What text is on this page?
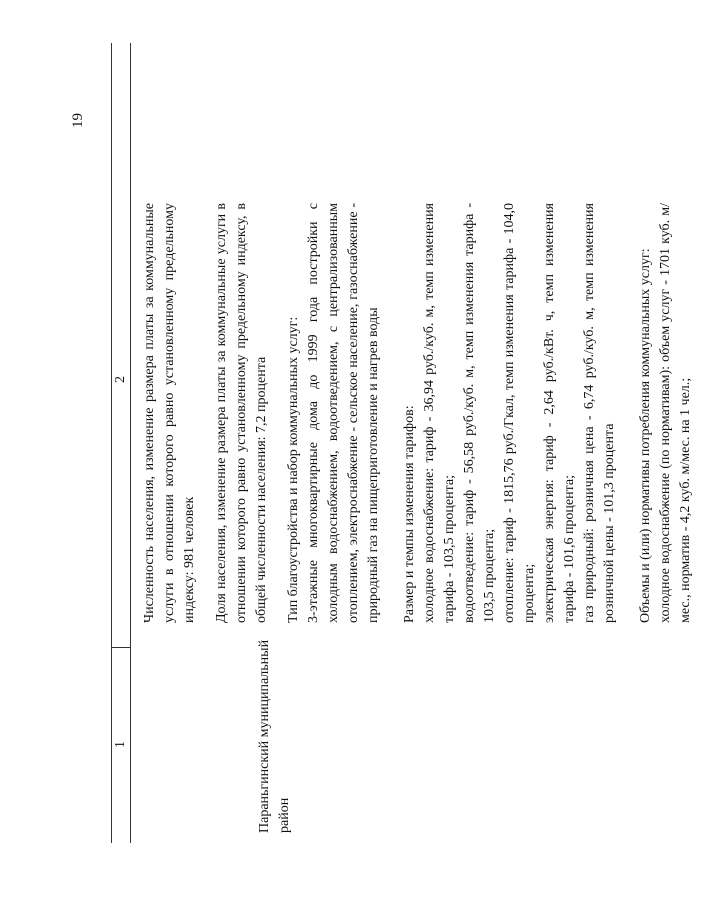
19
1
2
Параньгинский муниципальный район

Численность населения, изменение размера платы за коммунальные услуги в отношении которого равно установленному предельному индексу: 981 человек Доля населения, изменение размера платы за коммунальные услуги в отношении которого равно установленному предельному индексу, в общей численности населения: 7,2 процента Тип благоустройства и набор коммунальных услуг: 3-этажные многоквартирные дома до 1999 года постройки с холодным водоснабжением, водоотведением, с централизованным отоплением, электроснабжение - сельское население, газоснабжение - природный газ на пищеприготовление и нагрев воды Размер и темпы изменения тарифов: холодное водоснабжение: тариф - 36,94 руб./куб. м, темп изменения тарифа - 103,5 процента; водоотведение: тариф - 56,58 руб./куб. м, темп изменения тарифа - 103,5 процента; отопление: тариф - 1815,76 руб./Гкал, темп изменения тарифа - 104,0 процента; электрическая энергия: тариф - 2,64 руб./кВт. ч, темп изменения тарифа - 101,6 процента; газ природный: розничная цена - 6,74 руб./куб. м, темп изменения розничной цены - 101,3 процента Объемы и (или) нормативы потребления коммунальных услуг: холодное водоснабжение (по нормативам): объем услуг - 1701 куб. м/мес., норматив - 4,2 куб. м/мес. на 1 чел.;
